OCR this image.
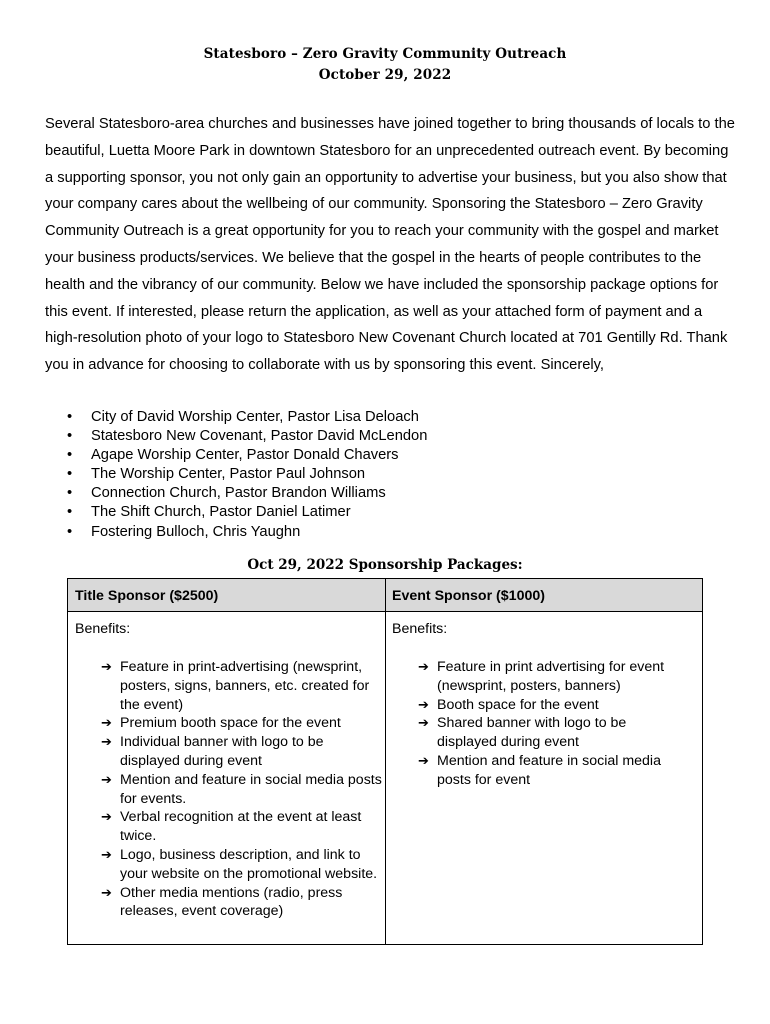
Statesboro – Zero Gravity Community Outreach
October 29, 2022

Several Statesboro-area churches and businesses have joined together to bring thousands of locals to the beautiful, Luetta Moore Park in downtown Statesboro for an unprecedented outreach event. By becoming a supporting sponsor, you not only gain an opportunity to advertise your business, but you also show that your company cares about the wellbeing of our community. Sponsoring the Statesboro – Zero Gravity Community Outreach is a great opportunity for you to reach your community with the gospel and market your business products/services. We believe that the gospel in the hearts of people contributes to the health and the vibrancy of our community. Below we have included the sponsorship package options for this event. If interested, please return the application, as well as your attached form of payment and a high-resolution photo of your logo to Statesboro New Covenant Church located at 701 Gentilly Rd. Thank you in advance for choosing to collaborate with us by sponsoring this event. Sincerely,

• City of David Worship Center, Pastor Lisa Deloach
• Statesboro New Covenant, Pastor David McLendon
• Agape Worship Center, Pastor Donald Chavers
• The Worship Center, Pastor Paul Johnson
• Connection Church, Pastor Brandon Williams
• The Shift Church, Pastor Daniel Latimer
• Fostering Bulloch, Chris Yaughn
Oct 29, 2022 Sponsorship Packages:
Title Sponsor ($2500)	Event Sponsor ($1000)
Benefits:	Benefits:
➔ Feature in print-advertising (newsprint, posters, signs, banners, etc. created for the event)
➔ Premium booth space for the event
➔ Individual banner with logo to be displayed during event
➔ Mention and feature in social media posts for events.
➔ Verbal recognition at the event at least twice.
➔ Logo, business description, and link to your website on the promotional website.
➔ Other media mentions (radio, press releases, event coverage)
➔ Feature in print advertising for event (newsprint, posters, banners)
➔ Booth space for the event
➔ Shared banner with logo to be displayed during event
➔ Mention and feature in social media posts for event
